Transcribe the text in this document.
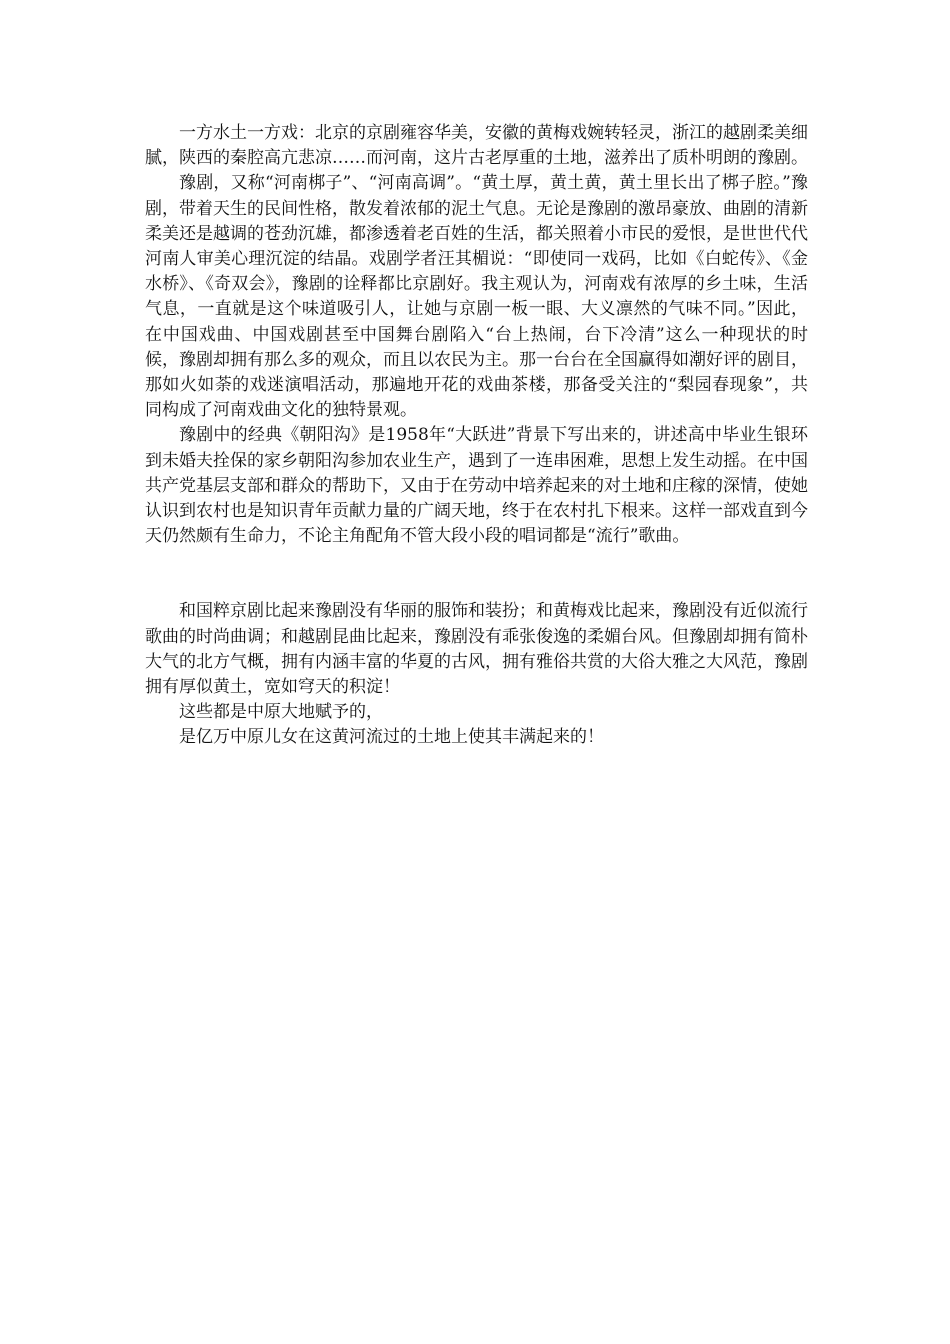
一方水土一方戏：北京的京剧雍容华美，安徽的黄梅戏婉转轻灵，浙江的越剧柔美细腻，陕西的秦腔高亢悲凉……而河南，这片古老厚重的土地，滋养出了质朴明朗的豫剧。

豫剧，又称“河南梆子”、“河南高调”。“黄土厚，黄土黄，黄土里长出了梆子腔。”豫剧，带着天生的民间性格，散发着浓郁的泥土气息。无论是豫剧的激昂豪放、曲剧的清新柔美还是越调的苍劲沉雄，都渗透着老百姓的生活，都关照着小市民的爱恨，是世世代代河南人审美心理沉淀的结晶。戏剧学者汪其楣说：“即使同一戏码，比如《白蛇传》、《金水桥》、《奇双会》，豫剧的诠释都比京剧好。我主观认为，河南戏有浓厚的乡土味，生活气息，一直就是这个味道吸引人，让她与京剧一板一眼、大义凛然的气味不同。”因此，在中国戏曲、中国戏剧甚至中国舞台剧陷入“台上热闹，台下冷清”这么一种现状的时候，豫剧却拥有那么多的观众，而且以农民为主。那一台台在全国赢得如潮好评的剧目，那如火如荼的戏迷演唱活动，那遍地开花的戏曲茶楼，那备受关注的“梨园春现象”，共同构成了河南戏曲文化的独特景观。

豫剧中的经典《朝阳沟》是1958年“大跃进”背景下写出来的，讲述高中毕业生银环到未婚夫拴保的家乡朝阳沟参加农业生产，遇到了一连串困难，思想上发生动摇。在中国共产党基层支部和群众的帮助下，又由于在劳动中培养起来的对土地和庄稼的深情，使她认识到农村也是知识青年贡献力量的广阔天地，终于在农村扎下根来。这样一部戏直到今天仍然颇有生命力，不论主角配角不管大段小段的唱词都是“流行”歌曲。

和国粹京剧比起来豫剧没有华丽的服饰和装扮；和黄梅戏比起来，豫剧没有近似流行歌曲的时尚曲调；和越剧昆曲比起来，豫剧没有乖张俊逸的柔媚台风。但豫剧却拥有简朴大气的北方气概，拥有内涵丰富的华夏的古风，拥有雅俗共赏的大俗大雅之大风范，豫剧拥有厚似黄土，宽如穹天的积淀！

这些都是中原大地赋予的，

是亿万中原儿女在这黄河流过的土地上使其丰满起来的！
